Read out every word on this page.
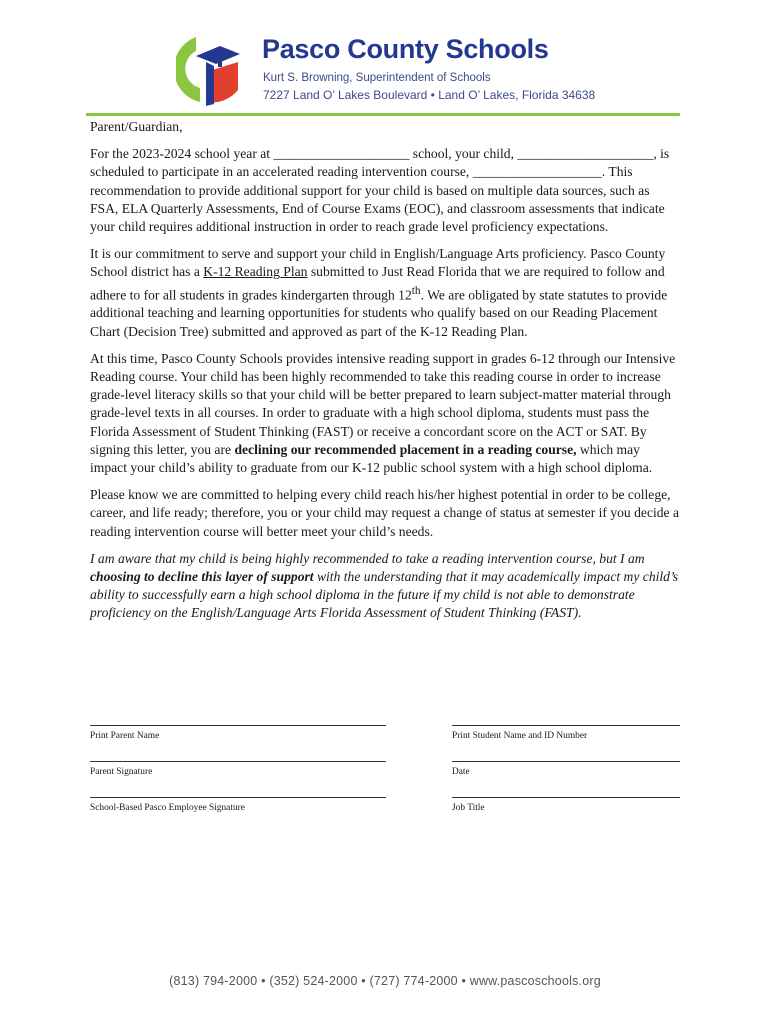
Pasco County Schools

Kurt S. Browning, Superintendent of Schools

7227 Land O’ Lakes Boulevard • Land O’ Lakes, Florida 34638

Parent/Guardian,

For the 2023-2024 school year at ____________________ school, your child, ____________________, is scheduled to participate in an accelerated reading intervention course, ___________________. This recommendation to provide additional support for your child is based on multiple data sources, such as FSA, ELA Quarterly Assessments, End of Course Exams (EOC), and classroom assessments that indicate your child requires additional instruction in order to reach grade level proficiency expectations.

It is our commitment to serve and support your child in English/Language Arts proficiency. Pasco County School district has a K-12 Reading Plan submitted to Just Read Florida that we are required to follow and adhere to for all students in grades kindergarten through 12th. We are obligated by state statutes to provide additional teaching and learning opportunities for students who qualify based on our Reading Placement Chart (Decision Tree) submitted and approved as part of the K-12 Reading Plan.

At this time, Pasco County Schools provides intensive reading support in grades 6-12 through our Intensive Reading course. Your child has been highly recommended to take this reading course in order to increase grade-level literacy skills so that your child will be better prepared to learn subject-matter material through grade-level texts in all courses. In order to graduate with a high school diploma, students must pass the Florida Assessment of Student Thinking (FAST) or receive a concordant score on the ACT or SAT. By signing this letter, you are declining our recommended placement in a reading course, which may impact your child’s ability to graduate from our K-12 public school system with a high school diploma.

Please know we are committed to helping every child reach his/her highest potential in order to be college, career, and life ready; therefore, you or your child may request a change of status at semester if you decide a reading intervention course will better meet your child’s needs.

I am aware that my child is being highly recommended to take a reading intervention course, but I am choosing to decline this layer of support with the understanding that it may academically impact my child’s ability to successfully earn a high school diploma in the future if my child is not able to demonstrate proficiency on the English/Language Arts Florida Assessment of Student Thinking (FAST).

Print Parent Name	Print Student Name and ID Number
Parent Signature	Date
School-Based Pasco Employee Signature	Job Title
(813) 794-2000 • (352) 524-2000 • (727) 774-2000 • www.pascoschools.org
